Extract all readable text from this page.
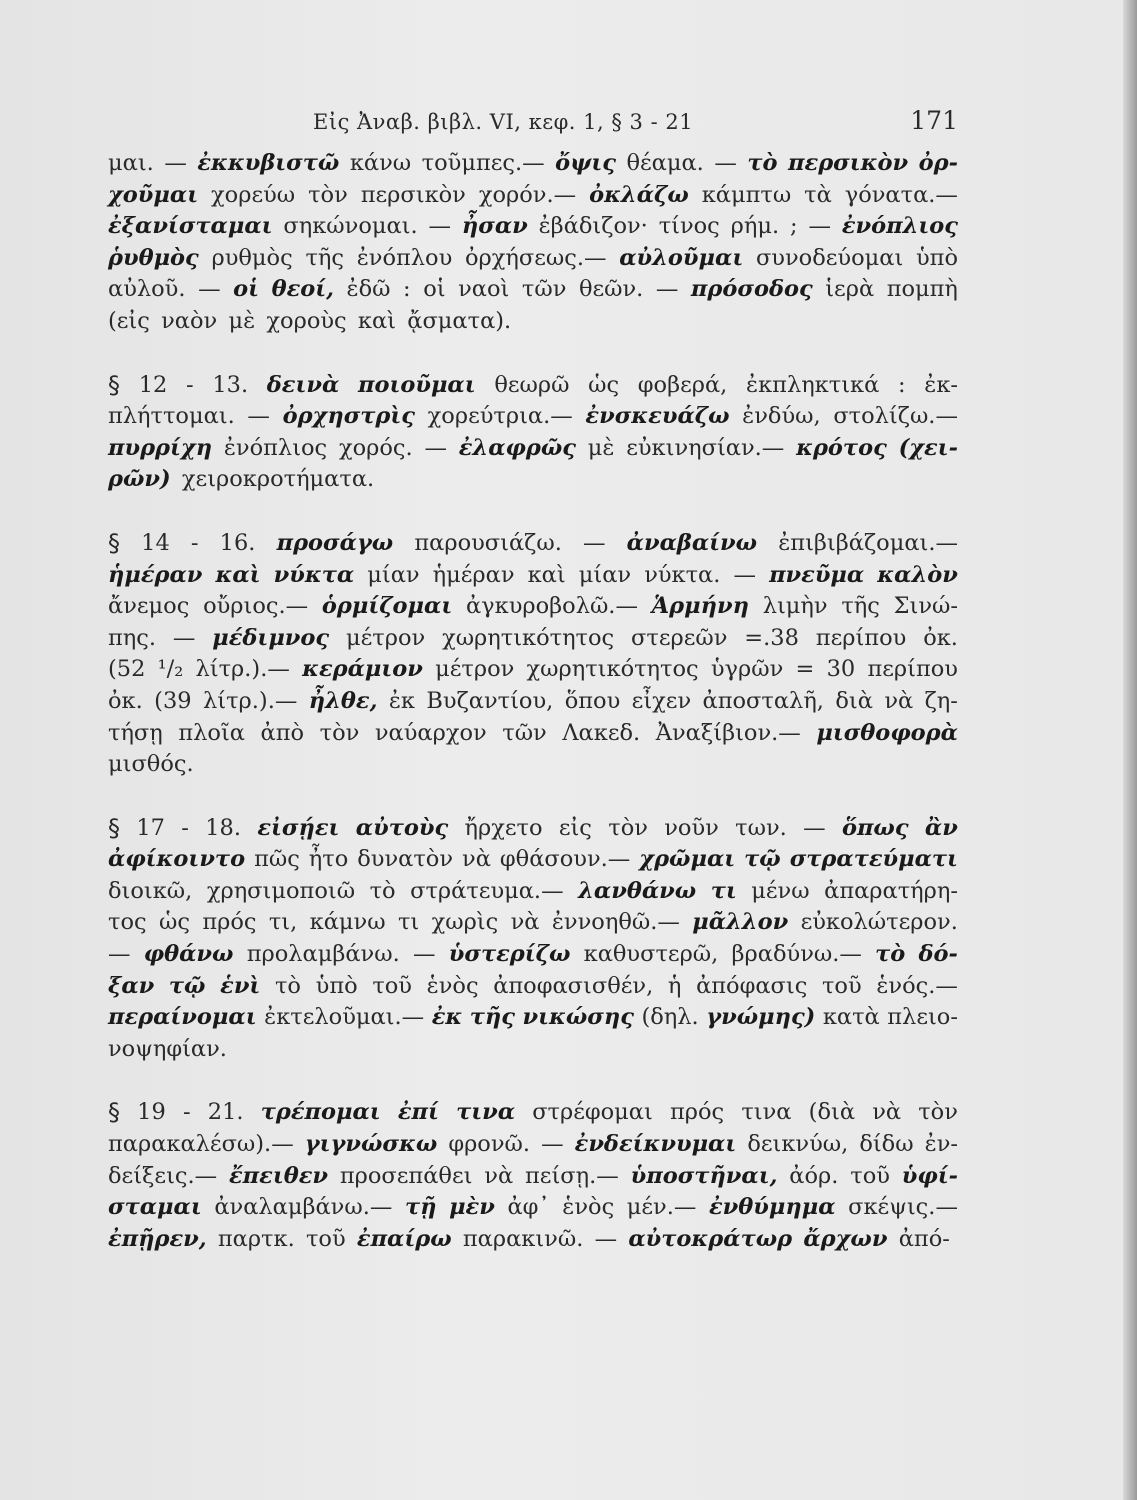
Εἰς Ἀναβ. βιβλ. VI, κεφ. 1, § 3 - 21	171
μαι. — ἐκκυβιστῶ κάνω τοῦμπες.— ὄψις θέαμα. — τὸ περσικὸν ὀρ-
χοῦμαι χορεύω τὸν περσικὸν χορόν.— ὀκλάζω κάμπτω τὰ γόνατα.—
ἐξανίσταμαι σηκώνομαι. — ἦσαν ἐβάδιζον· τίνος ρήμ. ; — ἐνόπλιος
ῥυθμὸς ρυθμὸς τῆς ἐνόπλου ὀρχήσεως.— αὐλοῦμαι συνοδεύομαι ὑπὸ
αὐλοῦ. — οἱ θεοί, ἐδῶ : οἱ ναοὶ τῶν θεῶν. — πρόσοδος ἱερὰ πομπὴ
(εἰς ναὸν μὲ χοροὺς καὶ ᾄσματα).
§ 12 - 13. δεινὰ ποιοῦμαι θεωρῶ ὡς φοβερά, ἐκπληκτικά : ἐκ-
πλήττομαι. — ὀρχηστρὶς χορεύτρια.— ἐνσκευάζω ἐνδύω, στολίζω.—
πυρρίχη ἐνόπλιος χορός. — ἐλαφρῶς μὲ εὐκινησίαν.— κρότος (χει-
ρῶν) χειροκροτήματα.
§ 14 - 16. προσάγω παρουσιάζω. — ἀναβαίνω ἐπιβιβάζομαι.—
ἡμέραν καὶ νύκτα μίαν ἡμέραν καὶ μίαν νύκτα. — πνεῦμα καλὸν
ἄνεμος οὔριος.— ὁρμίζομαι ἀγκυροβολῶ.— Ἁρμήνη λιμὴν τῆς Σινώ-
πης. — μέδιμνος μέτρον χωρητικότητος στερεῶν =.38 περίπου ὀκ.
(52 ¹/₂ λίτρ.).— κεράμιον μέτρον χωρητικότητος ὑγρῶν = 30 περίπου
ὀκ. (39 λίτρ.).— ἦλθε, ἐκ Βυζαντίου, ὅπου εἶχεν ἀποσταλῆ, διὰ νὰ ζη-
τήσῃ πλοῖα ἀπὸ τὸν ναύαρχον τῶν Λακεδ. Ἀναξίβιον.— μισθοφορὰ
μισθός.
§ 17 - 18. εἰσῄει αὐτοὺς ἤρχετο εἰς τὸν νοῦν των. — ὅπως ἂν
ἀφίκοιντο πῶς ἦτο δυνατὸν νὰ φθάσουν.— χρῶμαι τῷ στρατεύματι
διοικῶ, χρησιμοποιῶ τὸ στράτευμα.— λανθάνω τι μένω ἀπαρατήρη-
τος ὡς πρός τι, κάμνω τι χωρὶς νὰ ἐννοηθῶ.— μᾶλλον εὐκολώτερον.
— φθάνω προλαμβάνω. — ὑστερίζω καθυστερῶ, βραδύνω.— τὸ δό-
ξαν τῷ ἑνὶ τὸ ὑπὸ τοῦ ἑνὸς ἀποφασισθέν, ἡ ἀπόφασις τοῦ ἑνός.—
περαίνομαι ἐκτελοῦμαι.— ἐκ τῆς νικώσης (δηλ. γνώμης) κατὰ πλειο-
νοψηφίαν.
§ 19 - 21. τρέπομαι ἐπί τινα στρέφομαι πρός τινα (διὰ νὰ τὸν
παρακαλέσω).— γιγνώσκω φρονῶ. — ἐνδείκνυμαι δεικνύω, δίδω ἐν-
δείξεις.— ἔπειθεν προσεπάθει νὰ πείσῃ.— ὑποστῆναι, ἀόρ. τοῦ ὑφί-
σταμαι ἀναλαμβάνω.— τῇ μὲν ἀφ᾽ ἑνὸς μέν.— ἐνθύμημα σκέψις.—
ἐπῇρεν, παρτκ. τοῦ ἐπαίρω παρακινῶ. — αὐτοκράτωρ ἄρχων ἀπό-
